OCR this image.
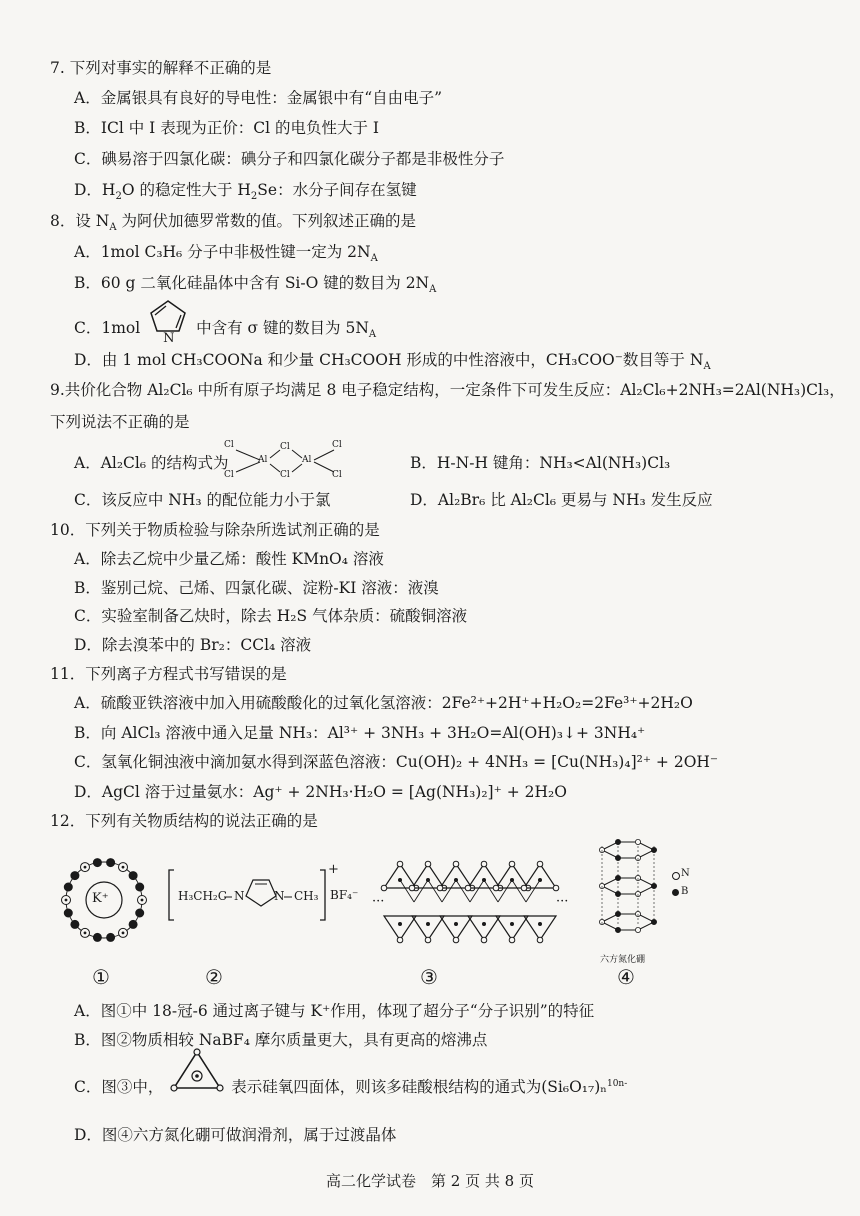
7. 下列对事实的解释不正确的是
A．金属银具有良好的导电性：金属银中有“自由电子”
B．ICl 中 I 表现为正价：Cl 的电负性大于 I
C．碘易溶于四氯化碳：碘分子和四氯化碳分子都是非极性分子
D．$H_2O$ 的稳定性大于 $H_2Se$：水分子间存在氢键
8．设 $N_A$ 为阿伏加德罗常数的值。下列叙述正确的是
A．1mol C₃H₆ 分子中非极性键一定为 $2N_A$
B．60 g 二氧化硅晶体中含有 Si-O 键的数目为 $2N_A$
C．1mol
N
中含有 σ 键的数目为 $5N_A$
D．由 1 mol CH₃COONa 和少量 CH₃COOH 形成的中性溶液中，CH₃COO⁻数目等于 $N_A$
9.共价化合物 Al₂Cl₆ 中所有原子均满足 8 电子稳定结构，一定条件下可发生反应：Al₂Cl₆+2NH₃=2Al(NH₃)Cl₃，
下列说法不正确的是
A．Al₂Cl₆ 的结构式为
Cl
Cl
Al
Cl
Cl
Al
Cl
Cl
B．H-N-H 键角：NH₃<Al(NH₃)Cl₃
C．该反应中 NH₃ 的配位能力小于氯	D．Al₂Br₆ 比 Al₂Cl₆ 更易与 NH₃ 发生反应
10．下列关于物质检验与除杂所选试剂正确的是
A．除去乙烷中少量乙烯：酸性 KMnO₄ 溶液
B．鉴别己烷、己烯、四氯化碳、淀粉-KI 溶液：液溴
C．实验室制备乙炔时，除去 H₂S 气体杂质：硫酸铜溶液
D．除去溴苯中的 Br₂：CCl₄ 溶液
11．下列离子方程式书写错误的是
A．硫酸亚铁溶液中加入用硫酸酸化的过氧化氢溶液：2Fe²⁺+2H⁺+H₂O₂=2Fe³⁺+2H₂O
B．向 AlCl₃ 溶液中通入足量 NH₃：Al³⁺ + 3NH₃ + 3H₂O=Al(OH)₃↓+ 3NH₄⁺
C．氢氧化铜浊液中滴加氨水得到深蓝色溶液：Cu(OH)₂ + 4NH₃ = [Cu(NH₃)₄]²⁺ + 2OH⁻
D．AgCl 溶于过量氨水：Ag⁺ + 2NH₃·H₂O = [Ag(NH₃)₂]⁺ + 2H₂O
12．下列有关物质结构的说法正确的是
K⁺	H₃CH₂C N N CH₃
+
BF₄⁻ ···	···
N
B
六方氮化硼
①	②	③	④
A．图①中 18-冠-6 通过离子键与 K⁺作用，体现了超分子“分子识别”的特征
B．图②物质相较 NaBF₄ 摩尔质量更大，具有更高的熔沸点
C．图③中，	表示硅氧四面体，则该多硅酸根结构的通式为(Si₆O₁₇)ₙ$^{10n-}$
D．图④六方氮化硼可做润滑剂，属于过渡晶体
高二化学试卷　第 2 页 共 8 页
